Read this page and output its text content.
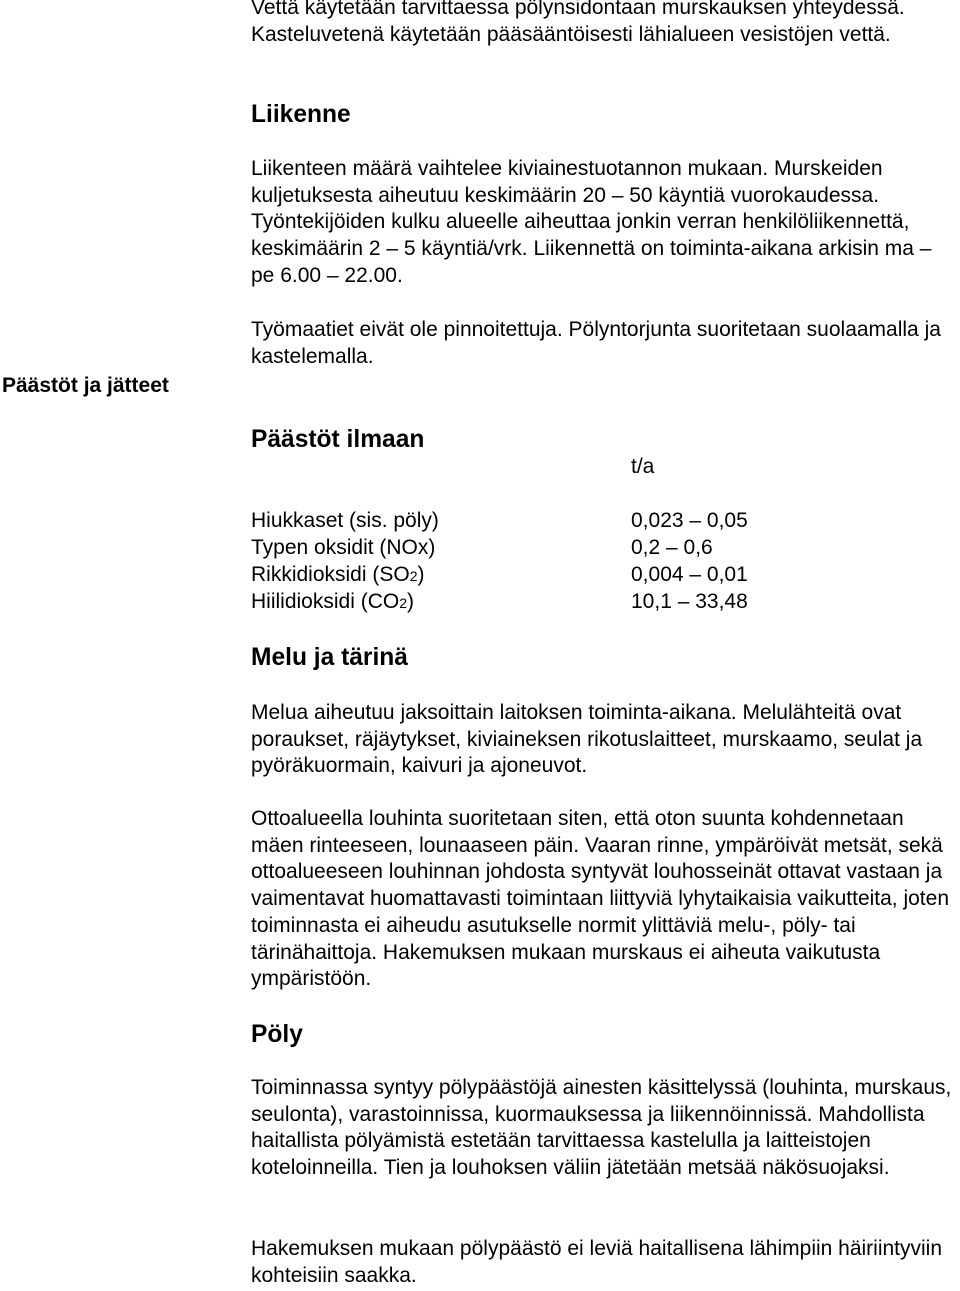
Vettä käytetään tarvittaessa pölynsidontaan murskauksen yhteydessä. Kasteluvetenä käytetään pääsääntöisesti lähialueen vesistöjen vettä.

Liikenne

Liikenteen määrä vaihtelee kiviainestuotannon mukaan. Murskeiden kuljetuksesta aiheutuu keskimäärin 20 – 50 käyntiä vuorokaudessa. Työntekijöiden kulku alueelle aiheuttaa jonkin verran henkilöliikennettä, keskimäärin 2 – 5 käyntiä/vrk. Liikennettä on toiminta-aikana arkisin ma – pe 6.00 – 22.00.

Päästöt ja jätteet

Työmaatiet eivät ole pinnoitettuja. Pölyntorjunta suoritetaan suolaamalla ja kastelemalla.

Päästöt ilmaan
t/a
Hiukkaset (sis. pöly)	0,023 – 0,05
Typen oksidit (NOx)	0,2 – 0,6
Rikkidioksidi (SO2)	0,004 – 0,01
Hiilidioksidi (CO2)	10,1 – 33,48
Melu ja tärinä

Melua aiheutuu jaksoittain laitoksen toiminta-aikana. Melulähteitä ovat poraukset, räjäytykset, kiviaineksen rikotuslaitteet, murskaamo, seulat ja pyöräkuormain, kaivuri ja ajoneuvot.

Ottoalueella louhinta suoritetaan siten, että oton suunta kohdennetaan mäen rinteeseen, lounaaseen päin. Vaaran rinne, ympäröivät metsät, sekä ottoalueeseen louhinnan johdosta syntyvät louhosseinät ottavat vastaan ja vaimentavat huomattavasti toimintaan liittyviä lyhytaikaisia vaikutteita, joten toiminnasta ei aiheudu asutukselle normit ylittäviä melu-, pöly- tai tärinähaittoja. Hakemuksen mukaan murskaus ei aiheuta vaikutusta ympäristöön.

Pöly

Toiminnassa syntyy pölypäästöjä ainesten käsittelyssä (louhinta, murskaus, seulonta), varastoinnissa, kuormauksessa ja liikennöinnissä. Mahdollista haitallista pölyämistä estetään tarvittaessa kastelulla ja laitteistojen koteloinneilla. Tien ja louhoksen väliin jätetään metsää näkösuojaksi.

Hakemuksen mukaan pölypäästö ei leviä haitallisena lähimpiin häiriintyviin kohteisiin saakka.
